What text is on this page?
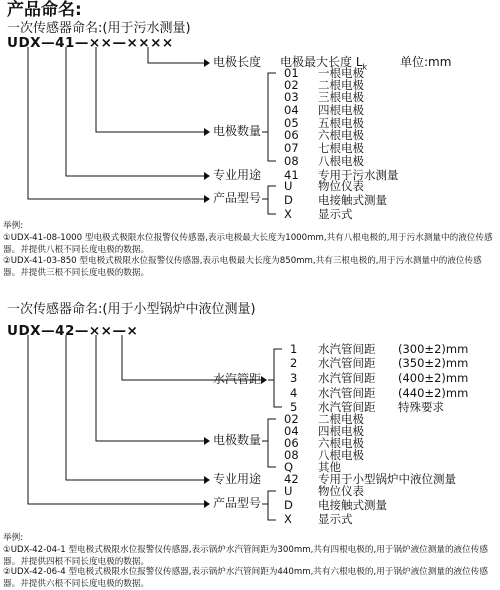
产品命名:
一次传感器命名:(用于污水测量)
UDX—41—××—××××
电极长度 电极最大长度 $L_k$	单位:mm
电极数量
01
02
03
04
05
06
07
08
一根电极
二根电极
三根电极
四根电极
五根电极
六根电极
七根电极
八根电极
专业用途 41 专用于污水测量
产品型号
U
D
X
物位仪表
电接触式测量
显示式
举例:
①UDX-41-08-1000 型电极式极限水位报警仪传感器,表示电极最大长度为1000mm,共有八根电极的,用于污水测量中的液位传感器。并提供八根不同长度电极的数据。
②UDX-41-03-850 型电极式极限水位报警仪传感器,表示电极最大长度为850mm,共有三根电极的,用于污水测量中的液位传感器。并提供三根不同长度电极的数据。
一次传感器命名:(用于小型锅炉中液位测量)
UDX—42—××—×
水汽管距
1
2
3
4
5
水汽管间距
水汽管间距
水汽管间距
水汽管间距
水汽管间距
(300±2)mm
(350±2)mm
(400±2)mm
(440±2)mm
特殊要求
电极数量
02
04
06
08
Q
二根电极
四根电极
六根电极
八根电极
其他
专业用途 42 专用于小型锅炉中液位测量
产品型号
U
D
X
物位仪表
电接触式测量
显示式
举例:
①UDX-42-04-1 型电极式极限水位报警仪传感器,表示锅炉水汽管间距为300mm,共有四根电极的,用于锅炉液位测量的液位传感器。并提供四根不同长度电极的数据。
②UDX-42-06-4 型电极式极限水位报警仪传感器,表示锅炉水汽管间距为440mm,共有六根电极的,用于锅炉液位测量的液位传感器。并提供六根不同长度电极的数据。
